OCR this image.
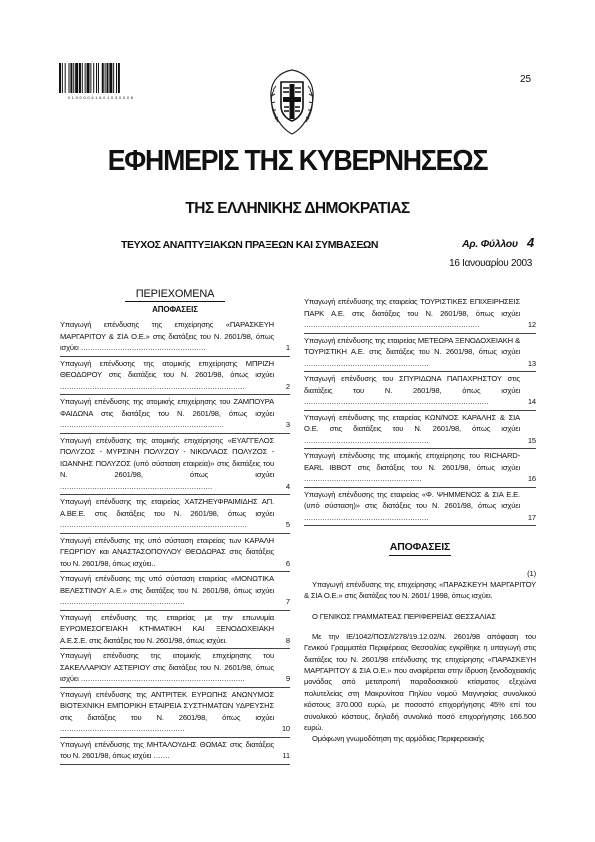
0 1 0 0 0 0 4 1 6 0 1 0 3 0 0 0 8
25
ΕΦΗΜΕΡΙΣ ΤΗΣ ΚΥΒΕΡΝΗΣΕΩΣ
ΤΗΣ ΕΛΛΗΝΙΚΗΣ ΔΗΜΟΚΡΑΤΙΑΣ
ΤΕΥΧΟΣ ΑΝΑΠΤΥΞΙΑΚΩΝ ΠΡΑΞΕΩΝ ΚΑΙ ΣΥΜΒΑΣΕΩΝ	Αρ. Φύλλου 4
16 Ιανουαρίου 2003
ΠΕΡΙΕΧΟΜΕΝΑ
ΑΠΟΦΑΣΕΙΣ
Υπαγωγή επένδυσης της επιχείρησης «ΠΑΡΑΣΚΕΥΗ ΜΑΡΓΑΡΙΤΟΥ & ΣΙΑ Ο.Ε.» στις διατάξεις του Ν. 2601/98, όπως ισχύει ......................................................	1
Υπαγωγή επένδυσης της ατομικής επιχείρησης ΜΠΡΙΖΗ ΘΕΟΔΩΡΟΥ στις διατάξεις του Ν. 2601/98, όπως ισχύει ................................................................................	2
Υπαγωγή επένδυσης της ατομικής επιχείρησης του ΖΑΜΠΟΥΡΑ ΦΑΙΔΩΝΑ στις διατάξεις του Ν. 2601/98, όπως ισχύει .......................................................................	3
Υπαγωγή επένδυσης της ατομικής επιχείρησης «ΕΥΑΓΓΕΛΟΣ ΠΟΛΥΖΟΣ - ΜΥΡΣΙΝΗ ΠΟΛΥΖΟΥ - ΝΙΚΟΛΑΟΣ ΠΟΛΥΖΟΣ - ΙΩΑΝΝΗΣ ΠΟΛΥΖΟΣ (υπό σύσταση εταιρεία)» στις διατάξεις του Ν. 2601/98, όπως ισχύει ..................................................................	4
Υπαγωγή επένδυσης της εταιρείας ΧΑΤΖΗΕΥΦΡΑΙΜΙΔΗΣ ΑΠ. Α.ΒΕ.Ε. στις διατάξεις του Ν. 2601/98, όπως ισχύει .................................................................................	5
Υπαγωγή επένδυσης της υπό σύσταση εταιρείας των ΚΑΡΑΛΗ ΓΕΩΡΓΙΟΥ και ΑΝΑΣΤΑΣΟΠΟΥΛΟΥ ΘΕΟΔΩΡΑΣ στις διατάξεις του Ν. 2601/98, όπως ισχύει..	6
Υπαγωγή επένδυσης της υπό σύσταση εταιρείας «ΜΟΝΩΤΙΚΑ ΒΕΛΕΣΤΙΝΟΥ Α.Ε.» στις διατάξεις του Ν. 2601/98, όπως ισχύει ......................................................	7
Υπαγωγή επένδυσης της εταιρείας με την επωνυμία ΕΥΡΩΜΕΣΟΓΕΙΑΚΗ ΚΤΗΜΑΤΙΚΗ ΚΑΙ ΞΕΝΟΔΟΧΕΙΑΚΗ Α.Ε.Σ.Ε. στις διατάξεις του Ν. 2601/98, όπως ισχύει.	8
Υπαγωγή επένδυσης της ατομικής επιχείρησης του ΣΑΚΕΛΛΑΡΙΟΥ ΑΣΤΕΡΙΟΥ στις διατάξεις του Ν. 2601/98, όπως ισχύει .......................................................................	9
Υπαγωγή επένδυσης της ΑΝΤΡΙΤΕΚ ΕΥΡΩΠΗΣ ΑΝΩΝΥΜΟΣ ΒΙΟΤΕΧΝΙΚΗ ΕΜΠΟΡΙΚΗ ΕΤΑΙΡΕΙΑ ΣΥΣΤΗΜΑΤΩΝ ΥΔΡΕΥΣΗΣ στις διατάξεις του Ν. 2601/98, όπως ισχύει ......................................................	10
Υπαγωγή επένδυσης της ΜΗΤΑΛΟΥΔΗΣ ΘΩΜΑΣ στις διατάξεις του Ν. 2601/98, όπως ισχύει .......	11
Υπαγωγή επένδυσης της εταιρείας ΤΟΥΡΙΣΤΙΚΕΣ ΕΠΙΧΕΙΡΗΣΕΙΣ ΠΑΡΚ Α.Ε. στις διατάξεις του Ν. 2601/98, όπως ισχύει ............................................................................	12
Υπαγωγή επένδυσης της εταιρείας ΜΕΤΕΩΡΑ ΞΕΝΟΔΟΧΕΙΑΚΗ & ΤΟΥΡΙΣΤΙΚΗ Α.Ε. στις διατάξεις του Ν. 2601/98, όπως ισχύει ......................................................	13
Υπαγωγή επένδυσης του ΣΠΥΡΙΔΩΝΑ ΠΑΠΑΧΡΗΣΤΟΥ στις διατάξεις του Ν. 2601/98, όπως ισχύει ................................................................................	14
Υπαγωγή επένδυσης της εταιρείας ΚΩΝ/ΝΟΣ ΚΑΡΑΛΗΣ & ΣΙΑ Ο.Ε. στις διατάξεις του Ν. 2601/98, όπως ισχύει ......................................................	15
Υπαγωγή επένδυσης της ατομικής επιχείρησης του RICHARD-EARL IBBOT στις διατάξεις του Ν. 2601/98, όπως ισχύει ...................................................	16
Υπαγωγή επένδυσης της εταιρείας «Φ. ΨΗΜΜΕΝΟΣ & ΣΙΑ Ε.Ε. (υπό σύσταση)» στις διατάξεις του Ν. 2601/98, όπως ισχύει ......................................................	17
ΑΠΟΦΑΣΕΙΣ
(1)
Υπαγωγή επένδυσης της επιχείρησης «ΠΑΡΑΣΚΕΥΗ ΜΑΡΓΑΡΙΤΟΥ & ΣΙΑ Ο.Ε.» στις διατάξεις του Ν. 2601/ 1998, όπως ισχύει.
Ο ΓΕΝΙΚΟΣ ΓΡΑΜΜΑΤΕΑΣ ΠΕΡΙΦΕΡΕΙΑΣ ΘΕΣΣΑΛΙΑΣ
Με την ΙΕ/1042/ΠΟΣ/Ι/278/19.12.02/Ν. 2601/98 απόφαση του Γενικού Γραμματέα Περιφέρειας Θεσσαλίας εγκρίθηκε η υπαγωγή στις διατάξεις του Ν. 2601/98 επένδυσης της επιχείρησης «ΠΑΡΑΣΚΕΥΗ ΜΑΡΓΑΡΙΤΟΥ & ΣΙΑ Ο.Ε.» που αναφέρεται στην ίδρυση ξενοδοχειακής μονάδας από μετατροπή παραδοσιακού κτίσματος εξεχώνα πολυτελείας στη Μακρυνίτσα Πηλίου νομού Μαγνησίας συνολικού κόστους 370.000 ευρώ, με ποσοστό επιχορήγησης 45% επί του συνολικού κόστους, δηλαδή συνολικό ποσό επιχορήγησης 166.500 ευρώ.
Ομόφωνη γνωμοδότηση της αρμόδιας Περιφερειακής
